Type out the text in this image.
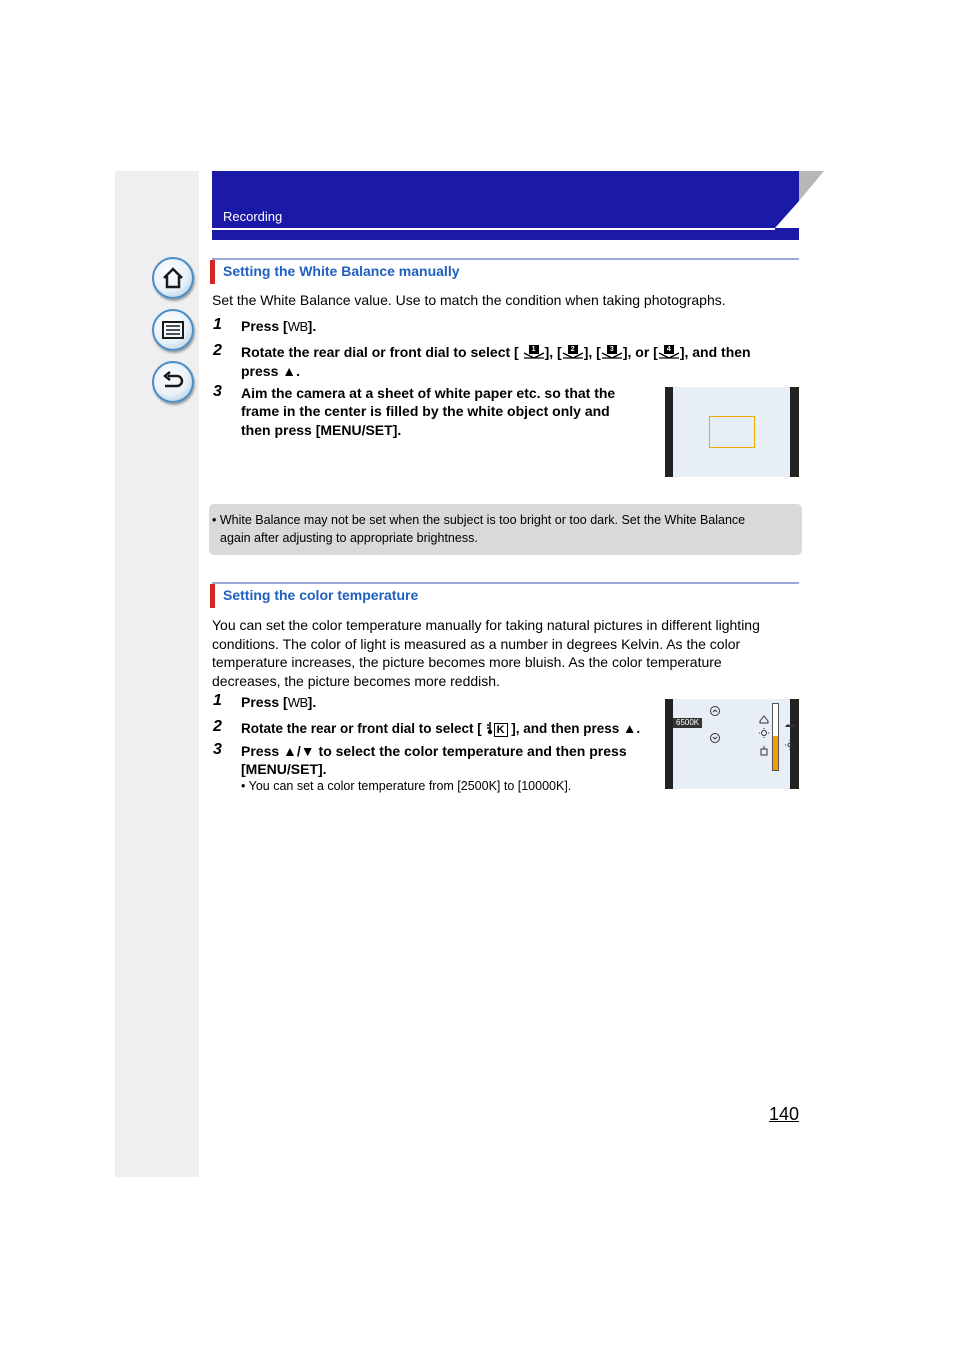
Recording
Setting the White Balance manually
Set the White Balance value. Use to match the condition when taking photographs.
1 Press [WB].
2 Rotate the rear dial or front dial to select [	1 ], [	2 ], [	3 ], or [	4 ], and then
press ▲.
3 Aim the camera at a sheet of white paper etc. so that the
frame in the center is filled by the white object only and
then press [MENU/SET].
• White Balance may not be set when the subject is too bright or too dark. Set the White Balance
again after adjusting to appropriate brightness.
Setting the color temperature
You can set the color temperature manually for taking natural pictures in different lighting
conditions. The color of light is measured as a number in degrees Kelvin. As the color
temperature increases, the picture becomes more bluish. As the color temperature
decreases, the picture becomes more reddish.
1 Press [WB].
2 Rotate the rear or front dial to select [ K ], and then press ▲.
3 Press ▲/▼ to select the color temperature and then press
[MENU/SET].
• You can set a color temperature from [2500K] to [10000K].
6500K
140
